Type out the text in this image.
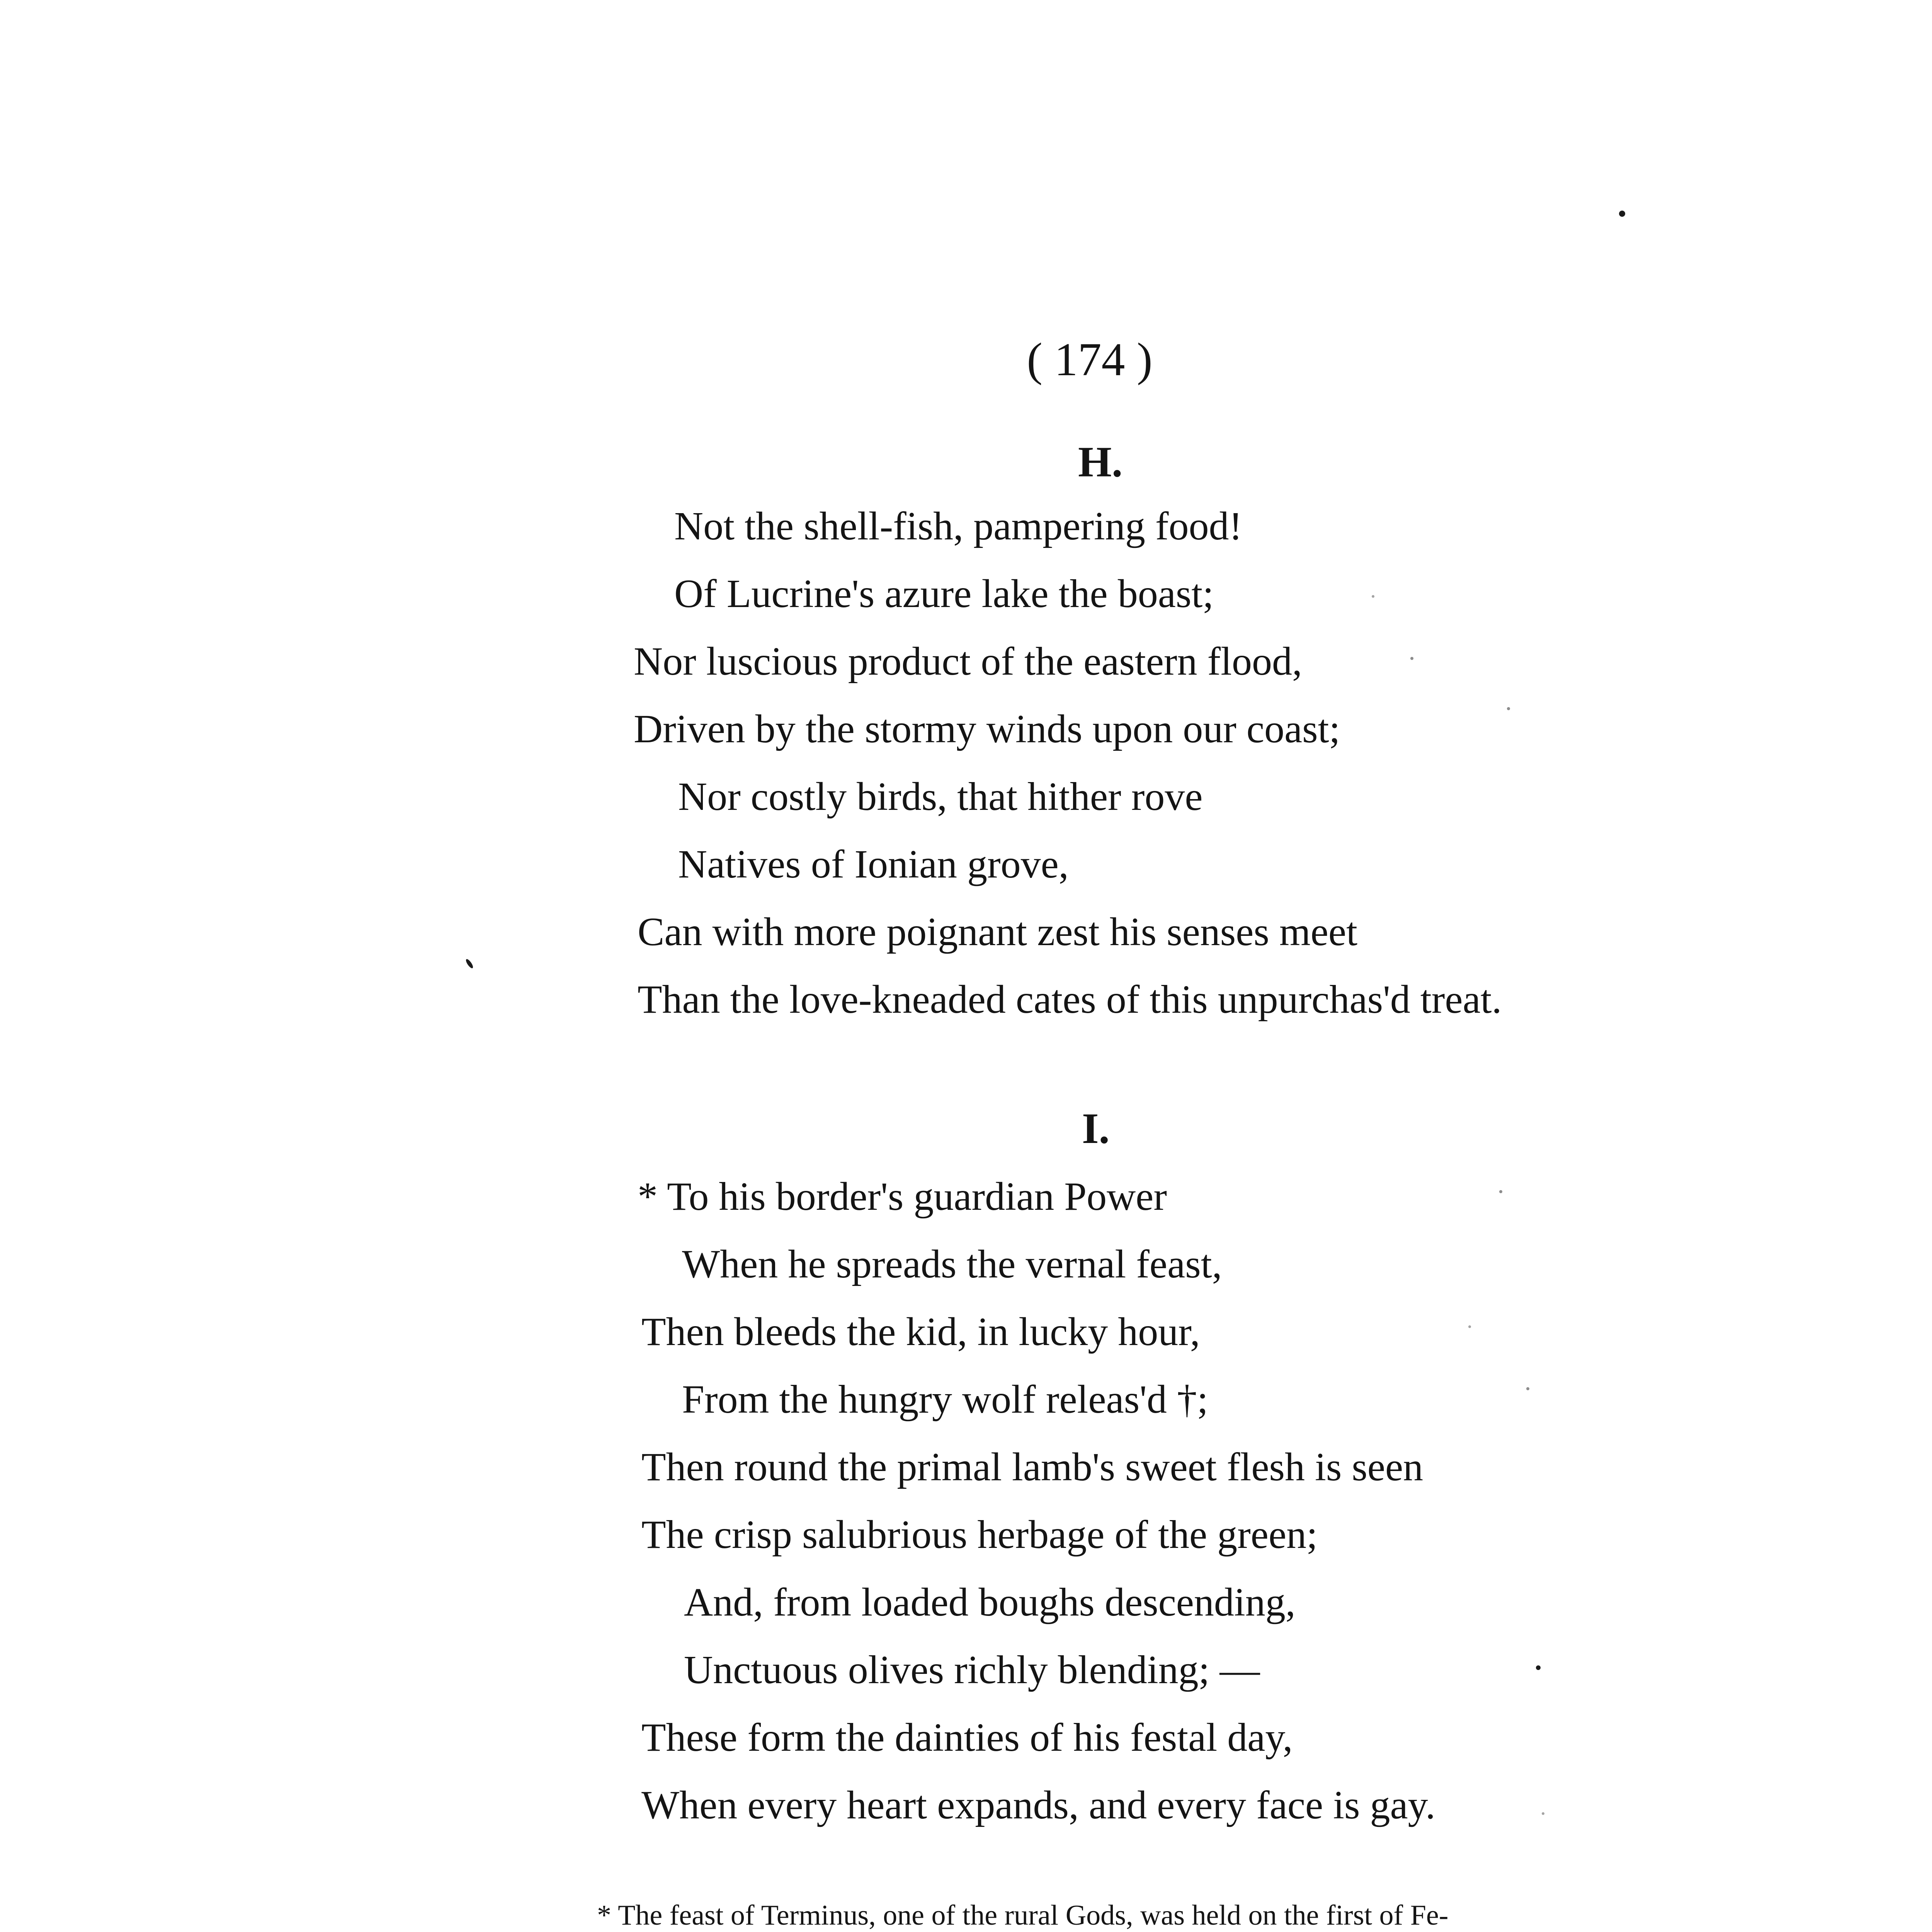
( 174 )
H.
Not the shell-fish, pampering food!
Of Lucrine's azure lake the boast;
Nor luscious product of the eastern flood,
Driven by the stormy winds upon our coast;
Nor costly birds, that hither rove
Natives of Ionian grove,
Can with more poignant zest his senses meet
Than the love-kneaded cates of this unpurchas'd treat.
I.
* To his border's guardian Power
When he spreads the vernal feast,
Then bleeds the kid, in lucky hour,
From the hungry wolf releas'd †;
Then round the primal lamb's sweet flesh is seen
The crisp salubrious herbage of the green;
And, from loaded boughs descending,
Unctuous olives richly blending; —
These form the dainties of his festal day,
When every heart expands, and every face is gay.
* The feast of Terminus, one of the rural Gods, was held on the first of Fe-
